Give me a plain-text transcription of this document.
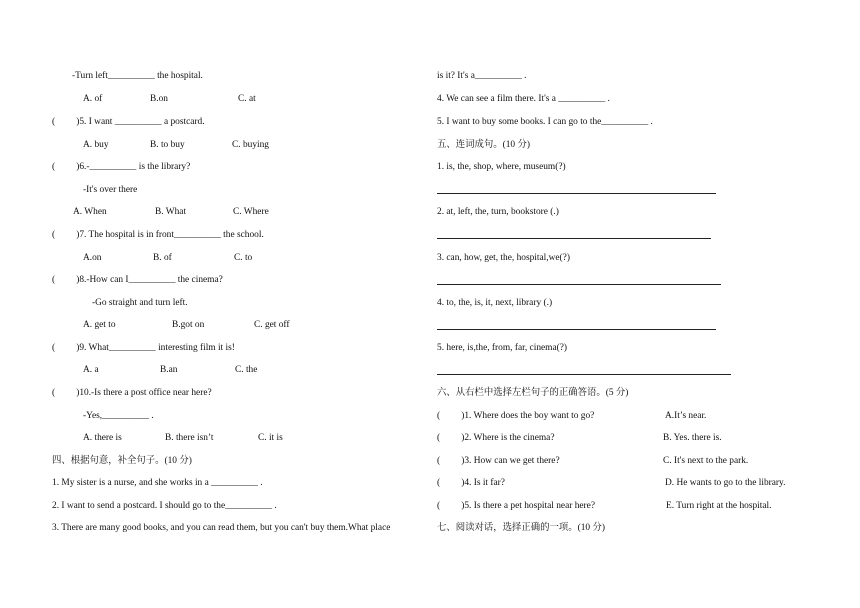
-Turn left__________ the hospital.
A. of	B.on	C. at
(         )5. I want __________ a postcard.
A. buy	B. to buy	C. buying
(         )6.-__________ is the library?
-It's over there
A. When	B. What	C. Where
(         )7. The hospital is in front__________ the school.
A.on	B. of	C. to
(         )8.-How can I__________ the cinema?
-Go straight and turn left.
A. get to	B.got on	C. get off
(         )9. What__________ interesting film it is!
A. a	B.an	C. the
(         )10.-Is there a post office near here?
-Yes,__________ .
A. there is	B. there isn’t	C. it is
四、根据句意，补全句子。(10 分)
1. My sister is a nurse, and she works in a __________ .
2. I want to send a postcard. I should go to the__________ .
3. There are many good books, and you can read them, but you can't buy them.What place
is it? It's a__________ .
4. We can see a film there. It's a __________ .
5. I want to buy some books. I can go to the__________ .
五、连词成句。(10 分)
1. is, the, shop, where, museum(?)
2. at, left, the, turn, bookstore (.)
3. can, how, get, the, hospital,we(?)
4. to, the, is, it, next, library (.)
5. here, is,the, from, far, cinema(?)
六、从右栏中选择左栏句子的正确答语。(5 分)
(         )1. Where does the boy want to go?	A.It’s near.
(         )2. Where is the cinema?	B. Yes. there is.
(         )3. How can we get there?	C. It's next to the park.
(         )4. Is it far?	D. He wants to go to the library.
(         )5. Is there a pet hospital near here?	E. Turn right at the hospital.
七、阅读对话，选择正确的一项。(10 分)
